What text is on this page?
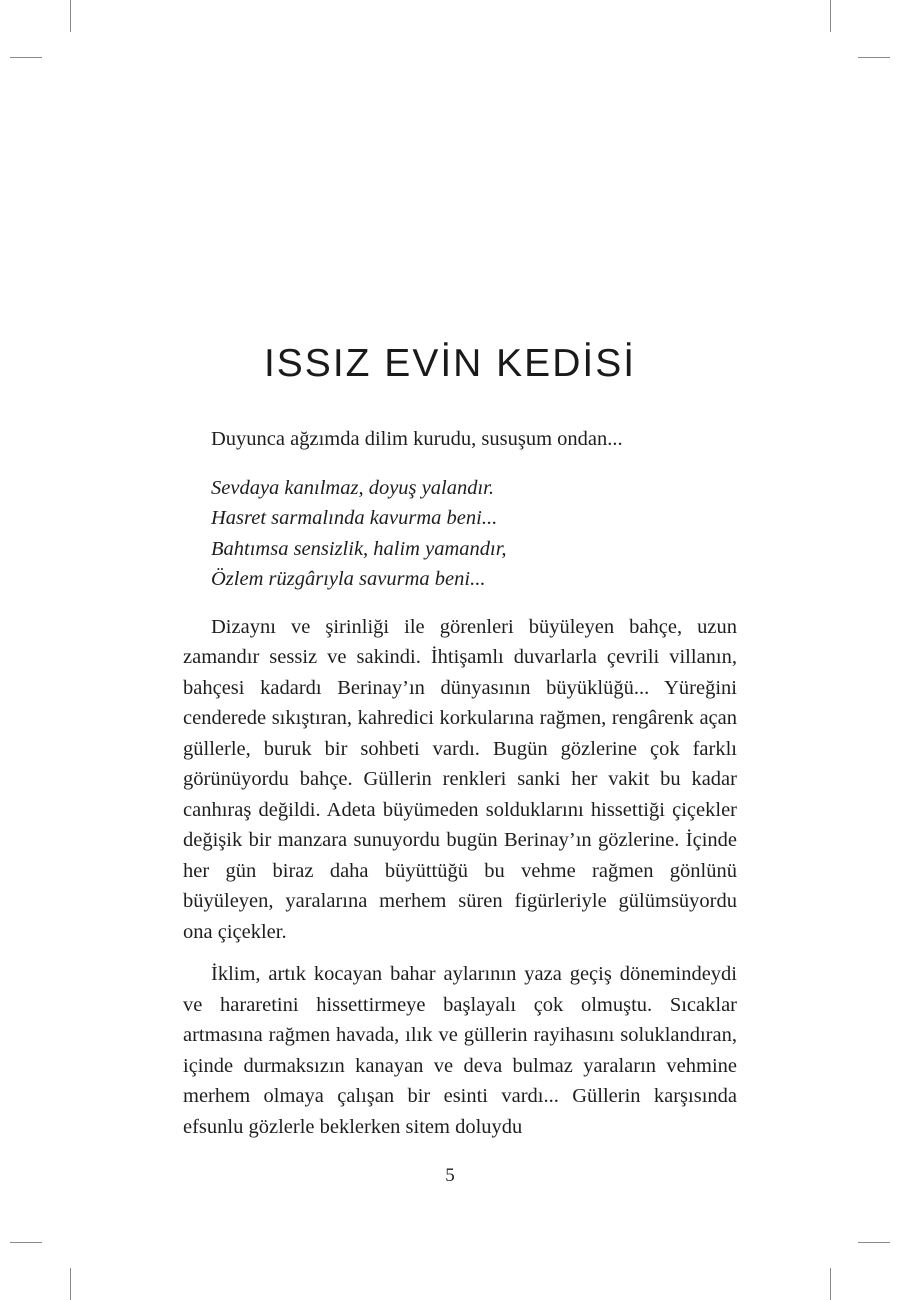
ISSIZ EVİN KEDİSİ

Duyunca ağzımda dilim kurudu, susuşum ondan...

Sevdaya kanılmaz, doyuş yalandır.
Hasret sarmalında kavurma beni...
Bahtımsa sensizlik, halim yamandır,
Özlem rüzgârıyla savurma beni...

Dizaynı ve şirinliği ile görenleri büyüleyen bahçe, uzun zamandır sessiz ve sakindi. İhtişamlı duvarlarla çevrili villanın, bahçesi kadardı Berinay’ın dünyasının büyüklüğü... Yüreğini cenderede sıkıştıran, kahredici korkularına rağmen, rengârenk açan güllerle, buruk bir sohbeti vardı. Bugün gözlerine çok farklı görünüyordu bahçe. Güllerin renkleri sanki her vakit bu kadar canhıraş değildi. Adeta büyümeden solduklarını hissettiği çiçekler değişik bir manzara sunuyordu bugün Berinay’ın gözlerine. İçinde her gün biraz daha büyüttüğü bu vehme rağmen gönlünü büyüleyen, yaralarına merhem süren figürleriyle gülümsüyordu ona çiçekler.

İklim, artık kocayan bahar aylarının yaza geçiş dönemindeydi ve hararetini hissettirmeye başlayalı çok olmuştu. Sıcaklar artmasına rağmen havada, ılık ve güllerin rayihasını soluklandıran, içinde durmaksızın kanayan ve deva bulmaz yaraların vehmine merhem olmaya çalışan bir esinti vardı... Güllerin karşısında efsunlu gözlerle beklerken sitem doluydu

5
